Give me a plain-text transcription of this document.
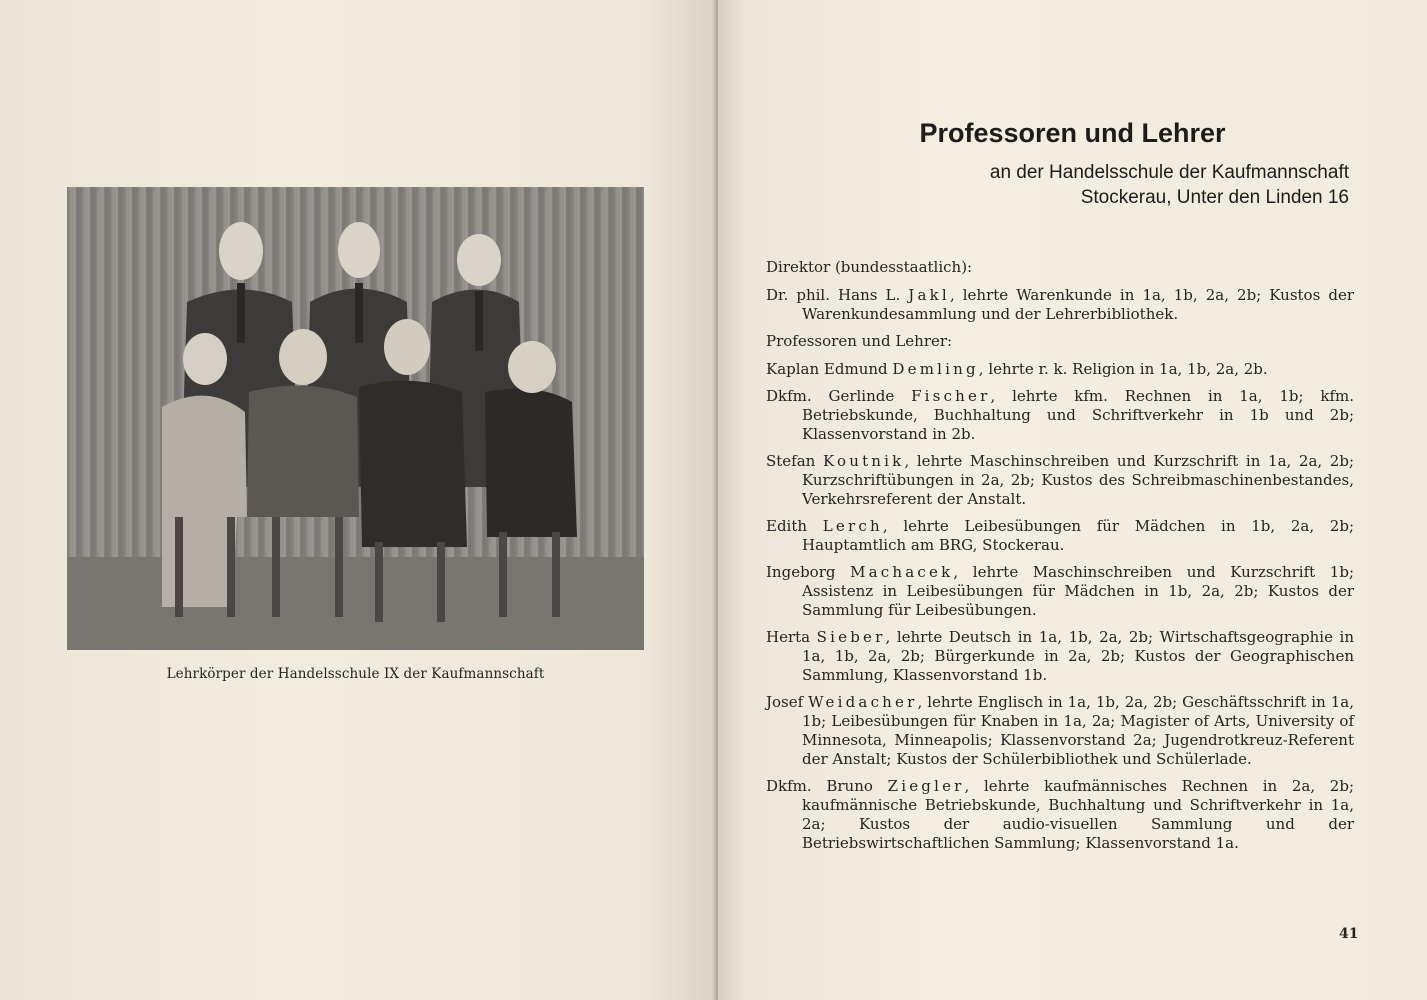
Lehrkörper der Handelsschule IX der Kaufmannschaft
Professoren und Lehrer
an der Handelsschule der Kaufmannschaft
Stockerau, Unter den Linden 16

Direktor (bundesstaatlich):

Dr. phil. Hans L. Jakl, lehrte Warenkunde in 1a, 1b, 2a, 2b; Kustos der Warenkundesammlung und der Lehrerbibliothek.

Professoren und Lehrer:

Kaplan Edmund Demling, lehrte r. k. Religion in 1a, 1b, 2a, 2b.

Dkfm. Gerlinde Fischer, lehrte kfm. Rechnen in 1a, 1b; kfm. Betriebskunde, Buchhaltung und Schriftverkehr in 1b und 2b; Klassenvorstand in 2b.

Stefan Koutnik, lehrte Maschinschreiben und Kurzschrift in 1a, 2a, 2b; Kurzschriftübungen in 2a, 2b; Kustos des Schreibmaschinenbestandes, Verkehrsreferent der Anstalt.

Edith Lerch, lehrte Leibesübungen für Mädchen in 1b, 2a, 2b; Hauptamtlich am BRG, Stockerau.

Ingeborg Machacek, lehrte Maschinschreiben und Kurzschrift 1b; Assistenz in Leibesübungen für Mädchen in 1b, 2a, 2b; Kustos der Sammlung für Leibesübungen.

Herta Sieber, lehrte Deutsch in 1a, 1b, 2a, 2b; Wirtschaftsgeographie in 1a, 1b, 2a, 2b; Bürgerkunde in 2a, 2b; Kustos der Geographischen Sammlung, Klassenvorstand 1b.

Josef Weidacher, lehrte Englisch in 1a, 1b, 2a, 2b; Geschäftsschrift in 1a, 1b; Leibesübungen für Knaben in 1a, 2a; Magister of Arts, University of Minnesota, Minneapolis; Klassenvorstand 2a; Jugendrotkreuz-Referent der Anstalt; Kustos der Schülerbibliothek und Schülerlade.

Dkfm. Bruno Ziegler, lehrte kaufmännisches Rechnen in 2a, 2b; kaufmännische Betriebskunde, Buchhaltung und Schriftverkehr in 1a, 2a; Kustos der audio-visuellen Sammlung und der Betriebswirtschaftlichen Sammlung; Klassenvorstand 1a.

41
